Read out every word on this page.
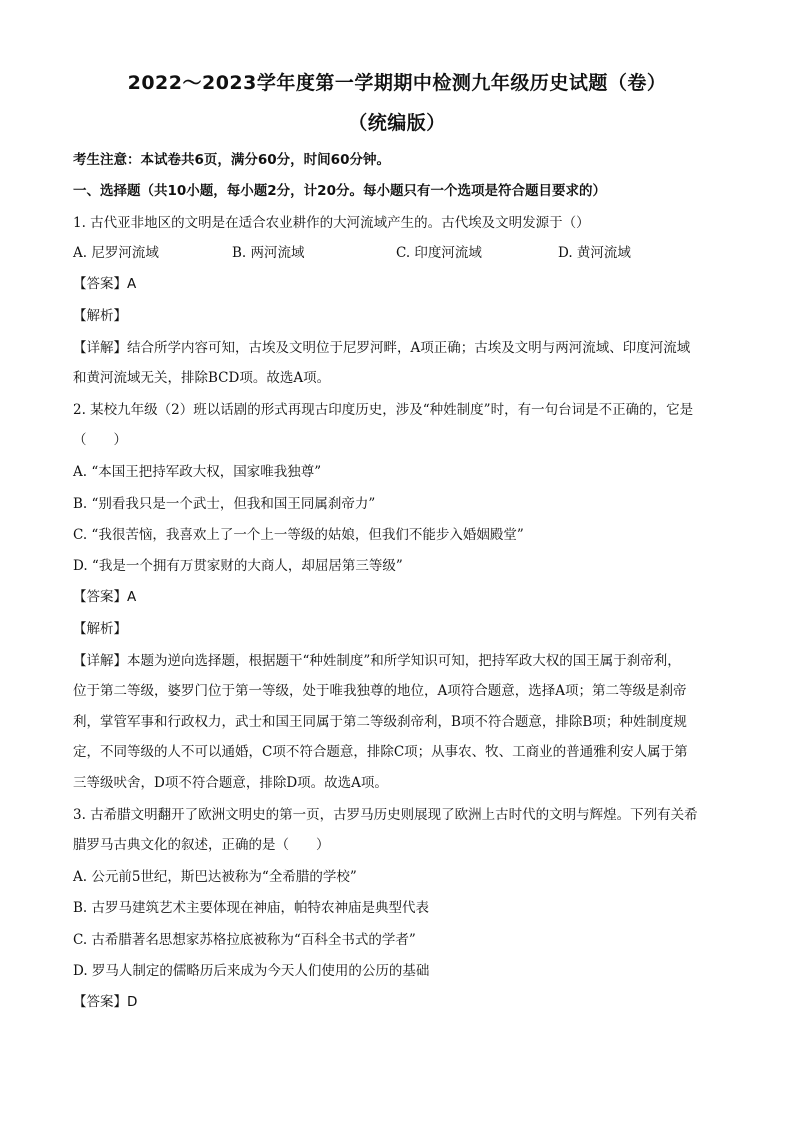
2022～2023学年度第一学期期中检测九年级历史试题（卷）
（统编版）
考生注意：本试卷共6页，满分60分，时间60分钟。
一、选择题（共10小题，每小题2分，计20分。每小题只有一个选项是符合题目要求的）
1. 古代亚非地区的文明是在适合农业耕作的大河流域产生的。古代埃及文明发源于（）
A. 尼罗河流域	B. 两河流域	C. 印度河流域	D. 黄河流域
【答案】A
【解析】
【详解】结合所学内容可知，古埃及文明位于尼罗河畔，A项正确；古埃及文明与两河流域、印度河流域
和黄河流域无关，排除BCD项。故选A项。
2. 某校九年级（2）班以话剧的形式再现古印度历史，涉及“种姓制度”时，有一句台词是不正确的，它是
（　　）
A. “本国王把持军政大权，国家唯我独尊”
B. “别看我只是一个武士，但我和国王同属刹帝力”
C. “我很苦恼，我喜欢上了一个上一等级的姑娘，但我们不能步入婚姻殿堂”
D. “我是一个拥有万贯家财的大商人，却屈居第三等级”
【答案】A
【解析】
【详解】本题为逆向选择题，根据题干“种姓制度”和所学知识可知，把持军政大权的国王属于刹帝利，
位于第二等级，婆罗门位于第一等级，处于唯我独尊的地位，A项符合题意，选择A项；第二等级是刹帝
利，掌管军事和行政权力，武士和国王同属于第二等级刹帝利，B项不符合题意，排除B项；种姓制度规
定，不同等级的人不可以通婚，C项不符合题意，排除C项；从事农、牧、工商业的普通雅利安人属于第
三等级吠舍，D项不符合题意，排除D项。故选A项。
3. 古希腊文明翻开了欧洲文明史的第一页，古罗马历史则展现了欧洲上古时代的文明与辉煌。下列有关希
腊罗马古典文化的叙述，正确的是（　　）
A. 公元前5世纪，斯巴达被称为“全希腊的学校”
B. 古罗马建筑艺术主要体现在神庙，帕特农神庙是典型代表
C. 古希腊著名思想家苏格拉底被称为“百科全书式的学者”
D. 罗马人制定的儒略历后来成为今天人们使用的公历的基础
【答案】D
